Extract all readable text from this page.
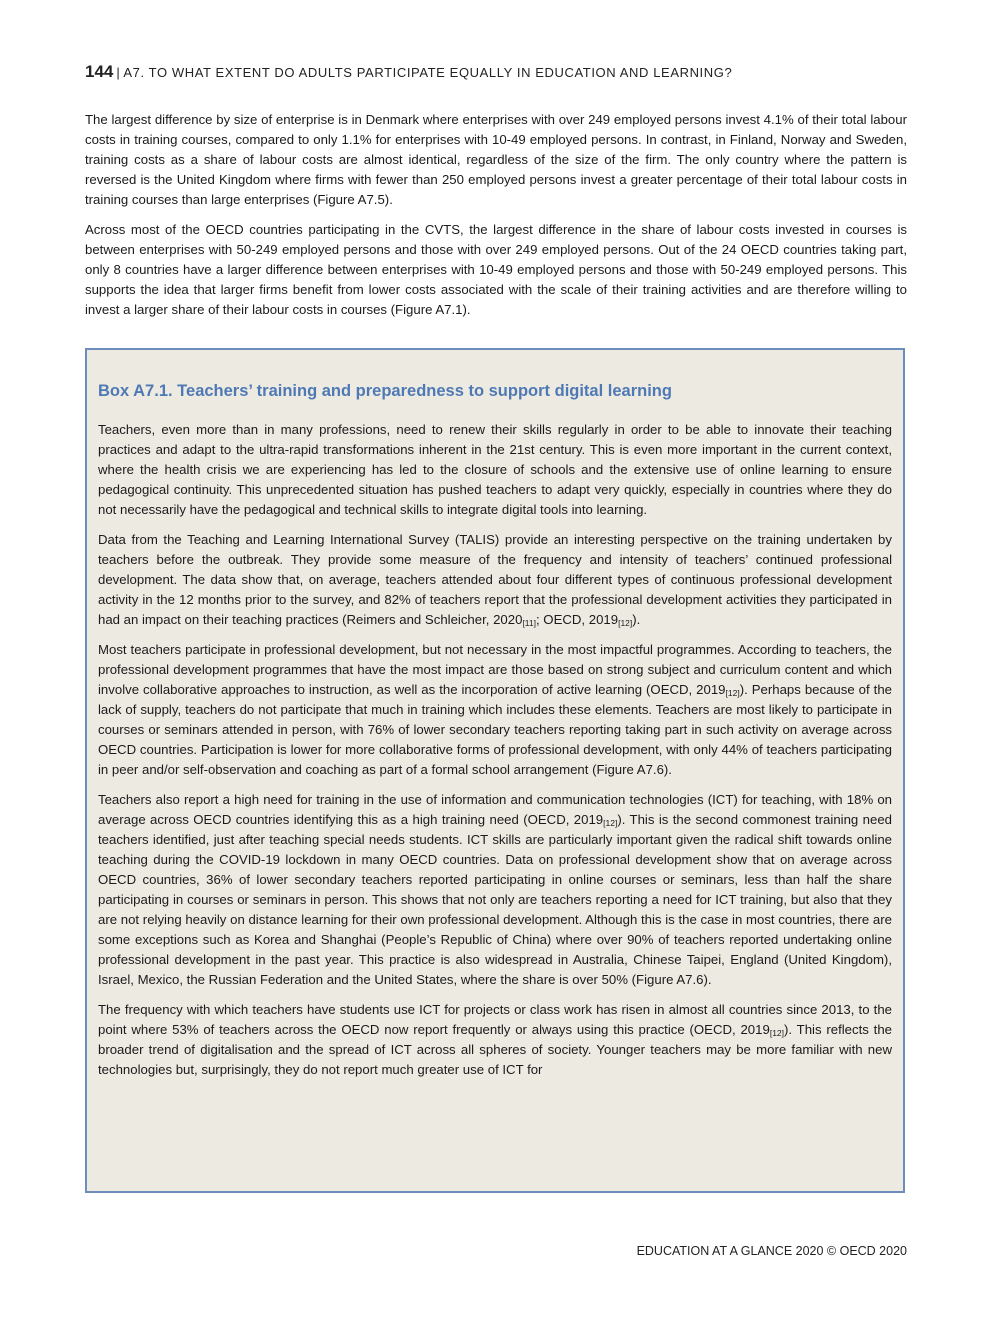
144 | A7. TO WHAT EXTENT DO ADULTS PARTICIPATE EQUALLY IN EDUCATION AND LEARNING?

The largest difference by size of enterprise is in Denmark where enterprises with over 249 employed persons invest 4.1% of their total labour costs in training courses, compared to only 1.1% for enterprises with 10-49 employed persons. In contrast, in Finland, Norway and Sweden, training costs as a share of labour costs are almost identical, regardless of the size of the firm. The only country where the pattern is reversed is the United Kingdom where firms with fewer than 250 employed persons invest a greater percentage of their total labour costs in training courses than large enterprises (Figure A7.5).

Across most of the OECD countries participating in the CVTS, the largest difference in the share of labour costs invested in courses is between enterprises with 50-249 employed persons and those with over 249 employed persons. Out of the 24 OECD countries taking part, only 8 countries have a larger difference between enterprises with 10-49 employed persons and those with 50-249 employed persons. This supports the idea that larger firms benefit from lower costs associated with the scale of their training activities and are therefore willing to invest a larger share of their labour costs in courses (Figure A7.1).

Box A7.1. Teachers’ training and preparedness to support digital learning

Teachers, even more than in many professions, need to renew their skills regularly in order to be able to innovate their teaching practices and adapt to the ultra-rapid transformations inherent in the 21st century. This is even more important in the current context, where the health crisis we are experiencing has led to the closure of schools and the extensive use of online learning to ensure pedagogical continuity. This unprecedented situation has pushed teachers to adapt very quickly, especially in countries where they do not necessarily have the pedagogical and technical skills to integrate digital tools into learning.

Data from the Teaching and Learning International Survey (TALIS) provide an interesting perspective on the training undertaken by teachers before the outbreak. They provide some measure of the frequency and intensity of teachers’ continued professional development. The data show that, on average, teachers attended about four different types of continuous professional development activity in the 12 months prior to the survey, and 82% of teachers report that the professional development activities they participated in had an impact on their teaching practices (Reimers and Schleicher, $2020_{[11]}$; OECD, $2019_{[12]}$).

Most teachers participate in professional development, but not necessary in the most impactful programmes. According to teachers, the professional development programmes that have the most impact are those based on strong subject and curriculum content and which involve collaborative approaches to instruction, as well as the incorporation of active learning (OECD, $2019_{[12]}$). Perhaps because of the lack of supply, teachers do not participate that much in training which includes these elements. Teachers are most likely to participate in courses or seminars attended in person, with 76% of lower secondary teachers reporting taking part in such activity on average across OECD countries. Participation is lower for more collaborative forms of professional development, with only 44% of teachers participating in peer and/or self-observation and coaching as part of a formal school arrangement (Figure A7.6).

Teachers also report a high need for training in the use of information and communication technologies (ICT) for teaching, with 18% on average across OECD countries identifying this as a high training need (OECD, $2019_{[12]}$). This is the second commonest training need teachers identified, just after teaching special needs students. ICT skills are particularly important given the radical shift towards online teaching during the COVID-19 lockdown in many OECD countries. Data on professional development show that on average across OECD countries, 36% of lower secondary teachers reported participating in online courses or seminars, less than half the share participating in courses or seminars in person. This shows that not only are teachers reporting a need for ICT training, but also that they are not relying heavily on distance learning for their own professional development. Although this is the case in most countries, there are some exceptions such as Korea and Shanghai (People’s Republic of China) where over 90% of teachers reported undertaking online professional development in the past year. This practice is also widespread in Australia, Chinese Taipei, England (United Kingdom), Israel, Mexico, the Russian Federation and the United States, where the share is over 50% (Figure A7.6).

The frequency with which teachers have students use ICT for projects or class work has risen in almost all countries since 2013, to the point where 53% of teachers across the OECD now report frequently or always using this practice (OECD, $2019_{[12]}$). This reflects the broader trend of digitalisation and the spread of ICT across all spheres of society. Younger teachers may be more familiar with new technologies but, surprisingly, they do not report much greater use of ICT for

EDUCATION AT A GLANCE 2020 © OECD 2020
